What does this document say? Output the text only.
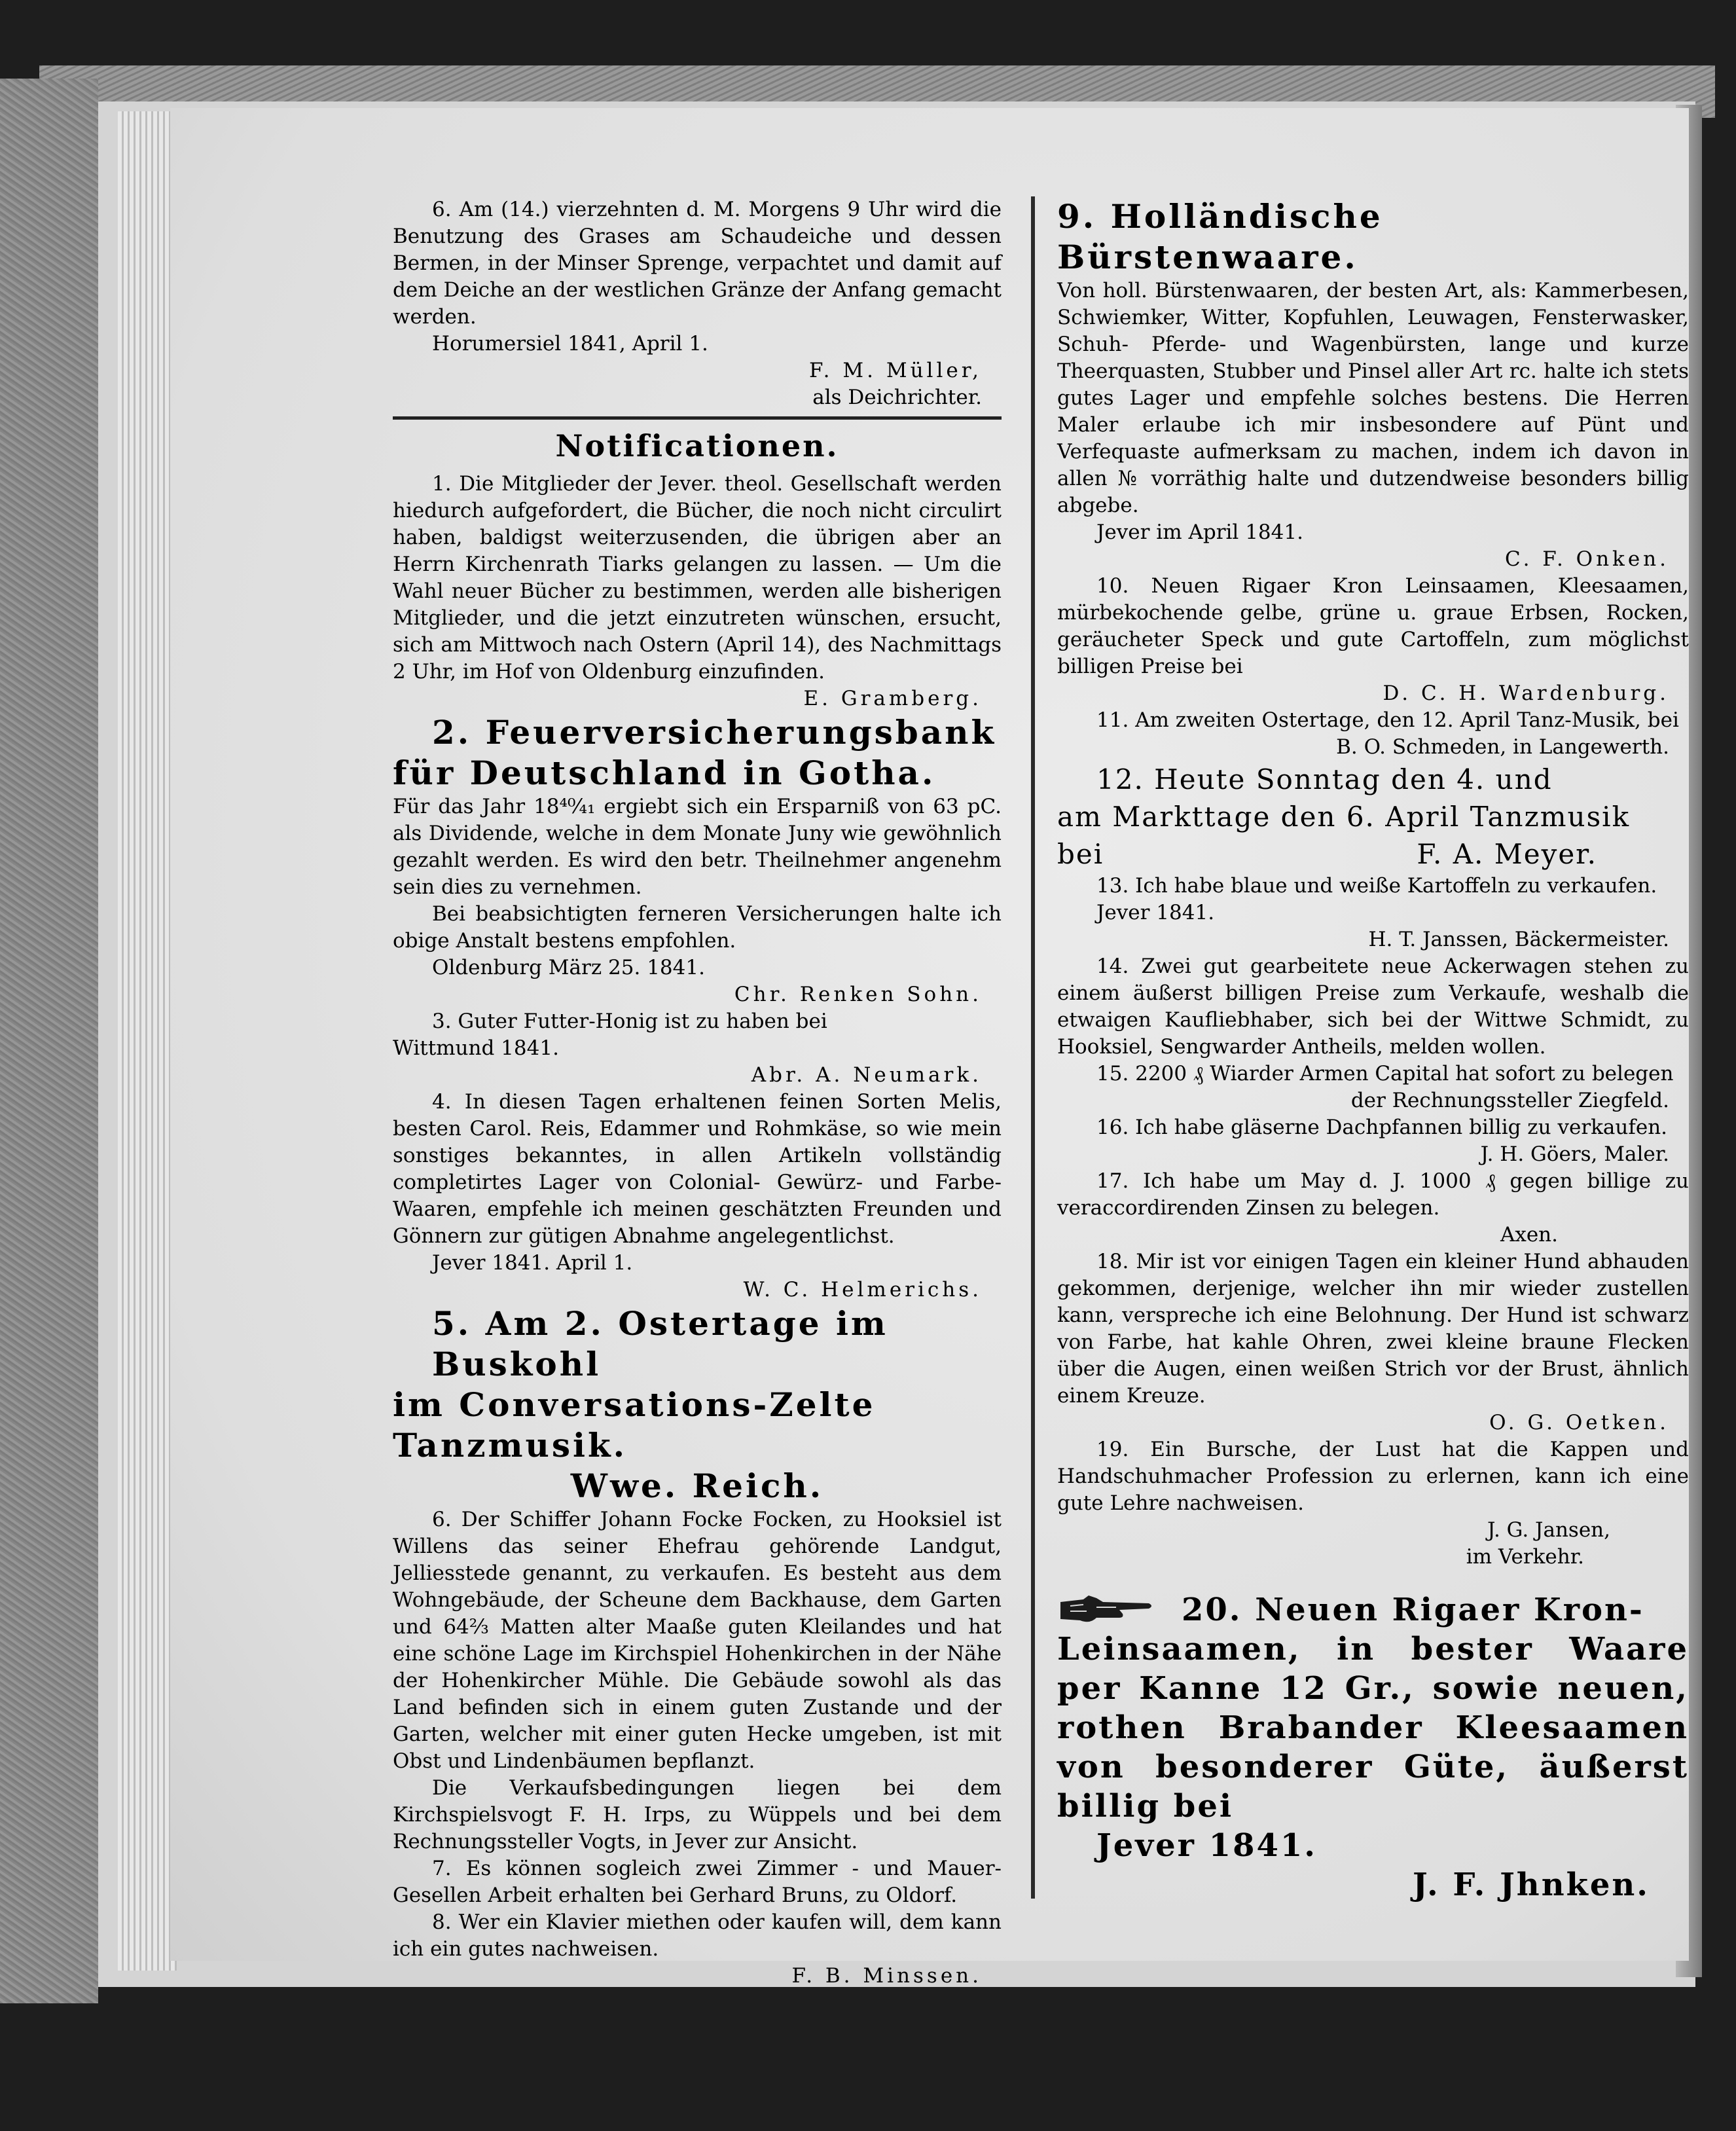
6. Am (14.) vierzehnten d. M. Morgens 9 Uhr wird die Benutzung des Grases am Schaudeiche und dessen Bermen, in der Minser Sprenge, verpachtet und damit auf dem Deiche an der westlichen Gränze der Anfang gemacht werden.

Horumersiel 1841, April 1.

F. M. Müller,

als Deichrichter.

Notificationen.

1. Die Mitglieder der Jever. theol. Gesellschaft werden hiedurch aufgefordert, die Bücher, die noch nicht circulirt haben, baldigst weiterzusenden, die übrigen aber an Herrn Kirchenrath Tiarks gelangen zu lassen. — Um die Wahl neuer Bücher zu bestimmen, werden alle bisherigen Mitglieder, und die jetzt einzutreten wünschen, ersucht, sich am Mittwoch nach Ostern (April 14), des Nachmittags 2 Uhr, im Hof von Oldenburg einzufinden.

E. Gramberg.

2. Feuerversicherungsbank

für Deutschland in Gotha.

Für das Jahr 18⁴⁰⁄₄₁ ergiebt sich ein Ersparniß von 63 pC. als Dividende, welche in dem Monate Juny wie gewöhnlich gezahlt werden. Es wird den betr. Theilnehmer angenehm sein dies zu vernehmen.

Bei beabsichtigten ferneren Versicherungen halte ich obige Anstalt bestens empfohlen.

Oldenburg März 25. 1841.

Chr. Renken Sohn.

3. Guter Futter-Honig ist zu haben bei

Wittmund 1841.

Abr. A. Neumark.

4. In diesen Tagen erhaltenen feinen Sorten Melis, besten Carol. Reis, Edammer und Rohmkäse, so wie mein sonstiges bekanntes, in allen Artikeln vollständig completirtes Lager von Colonial- Gewürz- und Farbe-Waaren, empfehle ich meinen geschätzten Freunden und Gönnern zur gütigen Abnahme angelegentlichst.

Jever 1841. April 1.

W. C. Helmerichs.

5. Am 2. Ostertage im Buskohl

im Conversations-Zelte Tanzmusik.

Wwe. Reich.

6. Der Schiffer Johann Focke Focken, zu Hooksiel ist Willens das seiner Ehefrau gehörende Landgut, Jelliesstede genannt, zu verkaufen. Es besteht aus dem Wohngebäude, der Scheune dem Backhause, dem Garten und 64²⁄₃ Matten alter Maaße guten Kleilandes und hat eine schöne Lage im Kirchspiel Hohenkirchen in der Nähe der Hohenkircher Mühle. Die Gebäude sowohl als das Land befinden sich in einem guten Zustande und der Garten, welcher mit einer guten Hecke umgeben, ist mit Obst und Lindenbäumen bepflanzt.

Die Verkaufsbedingungen liegen bei dem Kirchspielsvogt F. H. Irps, zu Wüppels und bei dem Rechnungssteller Vogts, in Jever zur Ansicht.

7. Es können sogleich zwei Zimmer - und Mauer-Gesellen Arbeit erhalten bei Gerhard Bruns, zu Oldorf.

8. Wer ein Klavier miethen oder kaufen will, dem kann ich ein gutes nachweisen.

F. B. Minssen.

9. Holländische Bürstenwaare.

Von holl. Bürstenwaaren, der besten Art, als: Kammerbesen, Schwiemker, Witter, Kopfuhlen, Leuwagen, Fensterwasker, Schuh- Pferde- und Wagenbürsten, lange und kurze Theerquasten, Stubber und Pinsel aller Art rc. halte ich stets gutes Lager und empfehle solches bestens. Die Herren Maler erlaube ich mir insbesondere auf Pünt und Verfequaste aufmerksam zu machen, indem ich davon in allen № vorräthig halte und dutzendweise besonders billig abgebe.

Jever im April 1841.

C. F. Onken.

10. Neuen Rigaer Kron Leinsaamen, Kleesaamen, mürbekochende gelbe, grüne u. graue Erbsen, Rocken, geräucheter Speck und gute Cartoffeln, zum möglichst billigen Preise bei

D. C. H. Wardenburg.

11. Am zweiten Ostertage, den 12. April Tanz-Musik, bei

B. O. Schmeden, in Langewerth.

12. Heute Sonntag den 4. und

am Markttage den 6. April Tanzmusik

bei	F. A. Meyer.

13. Ich habe blaue und weiße Kartoffeln zu verkaufen.

Jever 1841.

H. T. Janssen, Bäckermeister.

14. Zwei gut gearbeitete neue Ackerwagen stehen zu einem äußerst billigen Preise zum Verkaufe, weshalb die etwaigen Kaufliebhaber, sich bei der Wittwe Schmidt, zu Hooksiel, Sengwarder Antheils, melden wollen.

15. 2200 ₰ Wiarder Armen Capital hat sofort zu belegen

der Rechnungssteller Ziegfeld.

16. Ich habe gläserne Dachpfannen billig zu verkaufen.

J. H. Göers, Maler.

17. Ich habe um May d. J. 1000 ₰ gegen billige zu veraccordirenden Zinsen zu belegen.

Axen.

18. Mir ist vor einigen Tagen ein kleiner Hund abhauden gekommen, derjenige, welcher ihn mir wieder zustellen kann, verspreche ich eine Belohnung. Der Hund ist schwarz von Farbe, hat kahle Ohren, zwei kleine braune Flecken über die Augen, einen weißen Strich vor der Brust, ähnlich einem Kreuze.

O. G. Oetken.

19. Ein Bursche, der Lust hat die Kappen und Handschuhmacher Profession zu erlernen, kann ich eine gute Lehre nachweisen.

J. G. Jansen,

im Verkehr.

20. Neuen Rigaer Kron-

Leinsaamen, in bester Waare per Kanne 12 Gr., sowie neuen, rothen Brabander Kleesaamen von besonderer Güte, äußerst billig bei

Jever 1841.

J. F. Jhnken.
